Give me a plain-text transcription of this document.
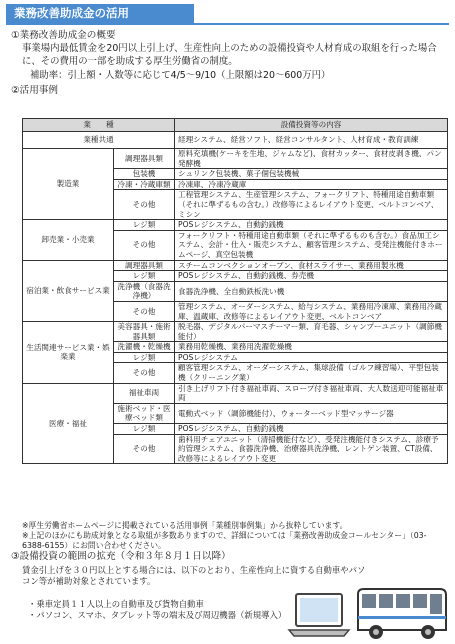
業務改善助成金の活用
①業務改善助成金の概要
事業場内最低賃金を20円以上引上げ、生産性向上のための設備投資や人材育成の取組を行った場合に、その費用の一部を助成する厚生労働省の制度。
補助率：引上額・人数等に応じて4/5〜9/10（上限額は20〜600万円）
②活用事例
業　　種		設備投資等の内容
業種共通		経理システム、経営ソフト、経営コンサルタント、人材育成・教育訓練
製造業	調理器具類	原料充填機(ケーキを生地、ジャムなど)、食材カッター、食材皮剥き機、パン発酵機
	包装機	シュリンク包装機、菓子個包装機械
	冷凍・冷蔵庫類	冷凍庫、冷凍冷蔵庫
	その他	工程管理システム、生産管理システム、フォークリフト、特種用途自動車類（それに準ずるもの含む。）改修等によるレイアウト変更、ベルトコンベア、ミシン
卸売業・小売業	レジ類	POSレジシステム、自動釣銭機
	その他	フォークリフト・特種用途自動車類（それに準ずるものも含む。）食品加工システム、会計・仕入・販売システム、顧客管理システム、受発注機能付きホームページ、真空包装機
宿泊業・飲食サービス業	調理器具類	スチームコンベクションオーブン、食材スライサー、業務用製氷機
	レジ類	POSレジシステム、自動釣銭機、券売機
	洗浄機（食器洗浄機）	食器洗浄機、全自動鉄板洗い機
	その他	管理システム、オーダーシステム、給与システム、業務用冷凍庫、業務用冷蔵庫、温蔵庫、改修等によるレイアウト変更、ベルトコンベア
生活関連サービス業・娯楽業	美容器具・施術器具類	脱毛器、デジタルパーマスチーマー類、育毛器、シャンプーユニット（調節機能付）
	洗濯機・乾燥機	業務用乾燥機、業務用洗濯乾燥機
	レジ類	POSレジシステム
	その他	顧客管理システム、オーダーシステム、集球設備（ゴルフ練習場）、平型包装機（クリーニング業）
医療・福祉	福祉車両	引き上げリフト付き福祉車両、スロープ付き福祉車両、大人数送迎可能福祉車両
	施術ベッド・医療ベッド類	電動式ベッド（調節機能付）、ウォーターベッド型マッサージ器
	レジ類	POSレジシステム、自動釣銭機
	その他	歯科用チェアユニット（清掃機能付など）、受発注機能付きシステム、診療予約管理システム、食器洗浄機、治療器具洗浄機、レントゲン装置、CT設備、改修等によるレイアウト変更
※厚生労働省ホームページに掲載されている活用事例「業種別事例集」から抜粋しています。
※上記のほかにも助成対象となる取組が多数ありますので、詳細については「業務改善助成金コールセンター」（03-6388-6155）にお問い合わせください。
③設備投資の範囲の拡充（令和３年８月１日以降）
賃金引上げを３０円以上とする場合には、以下のとおり、生産性向上に資する自動車やパソコン等が補助対象とされています。
・乗車定員１１人以上の自動車及び貨物自動車
・パソコン、スマホ、タブレット等の端末及び周辺機器（新規導入）
